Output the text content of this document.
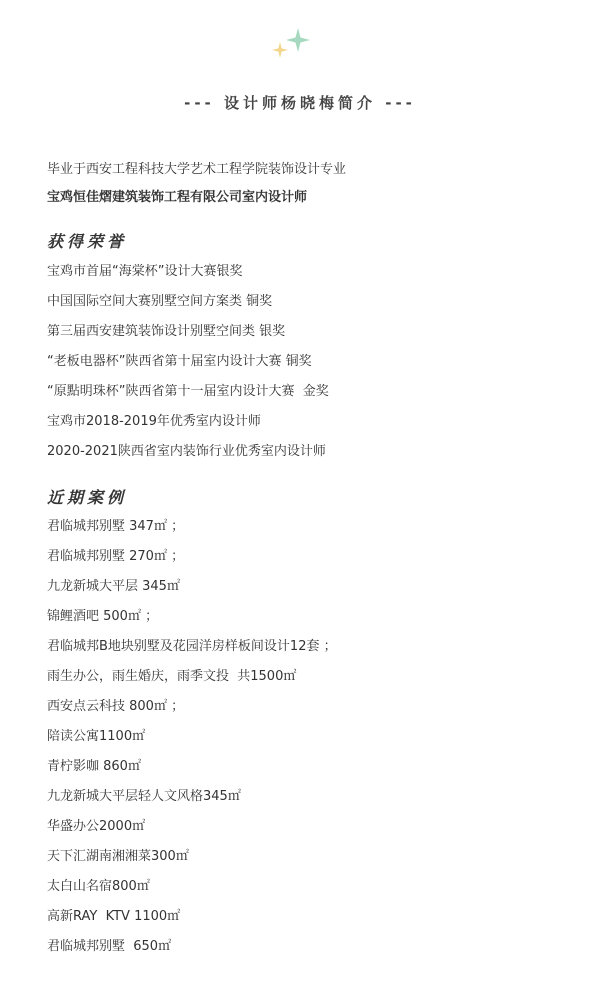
--- 设计师杨晓梅简介 ---
毕业于西安工程科技大学艺术工程学院装饰设计专业
宝鸡恒佳熠建筑装饰工程有限公司室内设计师
获得荣誉
宝鸡市首届“海棠杯”设计大赛银奖
中国国际空间大赛别墅空间方案类 铜奖
第三届西安建筑装饰设计别墅空间类 银奖
“老板电器杯”陕西省第十届室内设计大赛 铜奖
“原點明珠杯”陕西省第十一届室内设计大赛  金奖
宝鸡市2018-2019年优秀室内设计师
2020-2021陕西省室内装饰行业优秀室内设计师
近期案例
君临城邦别墅 347㎡ ；
君临城邦别墅 270㎡ ；
九龙新城大平层 345㎡
锦鲤酒吧 500㎡ ；
君临城邦B地块别墅及花园洋房样板间设计12套 ；
雨生办公，雨生婚庆，雨季文投  共1500㎡
西安点云科技 800㎡ ；
陪读公寓1100㎡
青柠影咖 860㎡
九龙新城大平层轻人文风格345㎡
华盛办公2000㎡
天下汇湖南湘湘菜300㎡
太白山名宿800㎡
高新RAY  KTV 1100㎡
君临城邦别墅  650㎡
